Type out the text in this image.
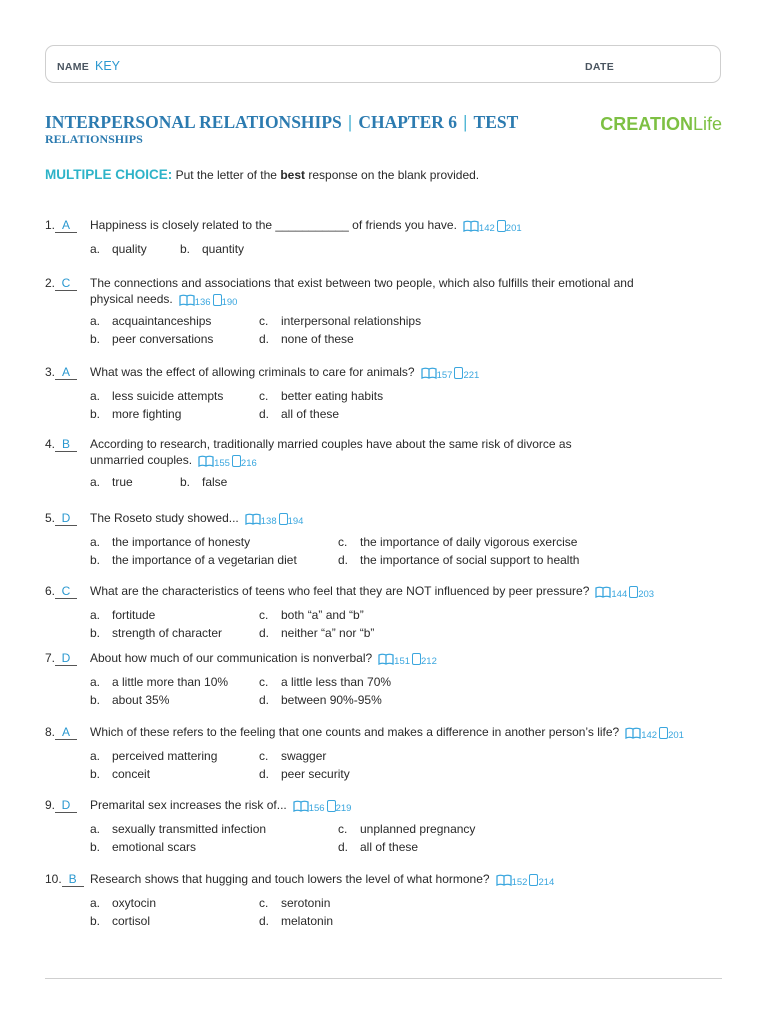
NAME KEY	DATE
INTERPERSONAL RELATIONSHIPS | CHAPTER 6 | TEST
RELATIONSHIPS
CREATIONLife
MULTIPLE CHOICE: Put the letter of the best response on the blank provided.
1. A	Happiness is closely related to the ___________ of friends you have. 142 201
a. quality	b. quantity
2. C	The connections and associations that exist between two people, which also fulfills their emotional and physical needs. 136 190
a. acquaintanceships	c. interpersonal relationships
b. peer conversations	d. none of these
3. A	What was the effect of allowing criminals to care for animals? 157 221
a. less suicide attempts	c. better eating habits
b. more fighting	d. all of these
4. B	According to research, traditionally married couples have about the same risk of divorce as unmarried couples. 155 216
a. true	b. false
5. D	The Roseto study showed... 138 194
a. the importance of honesty	c. the importance of daily vigorous exercise
b. the importance of a vegetarian diet	d. the importance of social support to health
6. C	What are the characteristics of teens who feel that they are NOT influenced by peer pressure? 144 203
a. fortitude	c. both “a” and “b”
b. strength of character	d. neither “a” nor “b”
7. D	About how much of our communication is nonverbal? 151 212
a. a little more than 10%	c. a little less than 70%
b. about 35%	d. between 90%-95%
8. A	Which of these refers to the feeling that one counts and makes a difference in another person’s life? 142 201
a. perceived mattering	c. swagger
b. conceit	d. peer security
9. D	Premarital sex increases the risk of... 156 219
a. sexually transmitted infection	c. unplanned pregnancy
b. emotional scars	d. all of these
10. B	Research shows that hugging and touch lowers the level of what hormone? 152 214
a. oxytocin	c. serotonin
b. cortisol	d. melatonin
